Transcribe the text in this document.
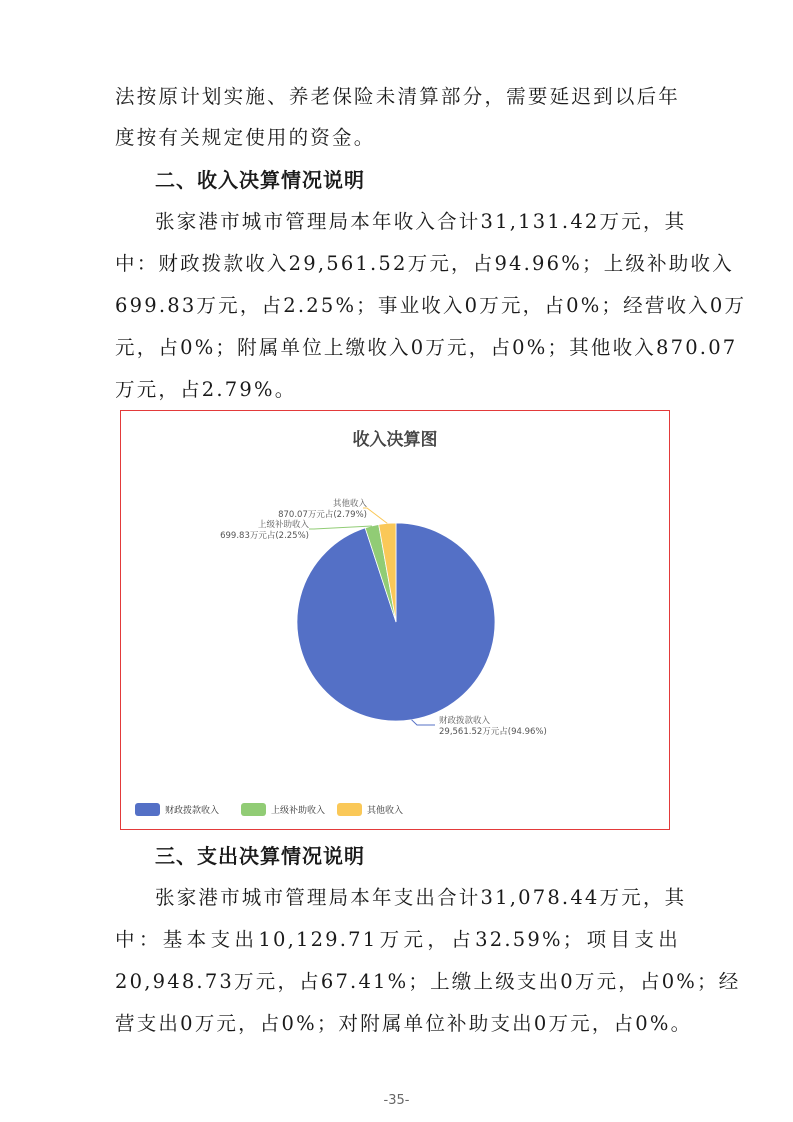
法按原计划实施、养老保险未清算部分，需要延迟到以后年
度按有关规定使用的资金。
二、收入决算情况说明
张家港市城市管理局本年收入合计31,131.42万元，其
中：财政拨款收入29,561.52万元，占94.96%；上级补助收入
699.83万元，占2.25%；事业收入0万元，占0%；经营收入0万
元，占0%；附属单位上缴收入0万元，占0%；其他收入870.07
万元，占2.79%。
收入决算图
财政拨款收入
29,561.52万元占(94.96%)
上级补助收入
699.83万元占(2.25%)
其他收入
870.07万元占(2.79%)
财政拨款收入	上级补助收入	其他收入
三、支出决算情况说明
张家港市城市管理局本年支出合计31,078.44万元，其
中：基本支出10,129.71万元，占32.59%；项目支出
20,948.73万元，占67.41%；上缴上级支出0万元，占0%；经
营支出0万元，占0%；对附属单位补助支出0万元，占0%。
-35-
